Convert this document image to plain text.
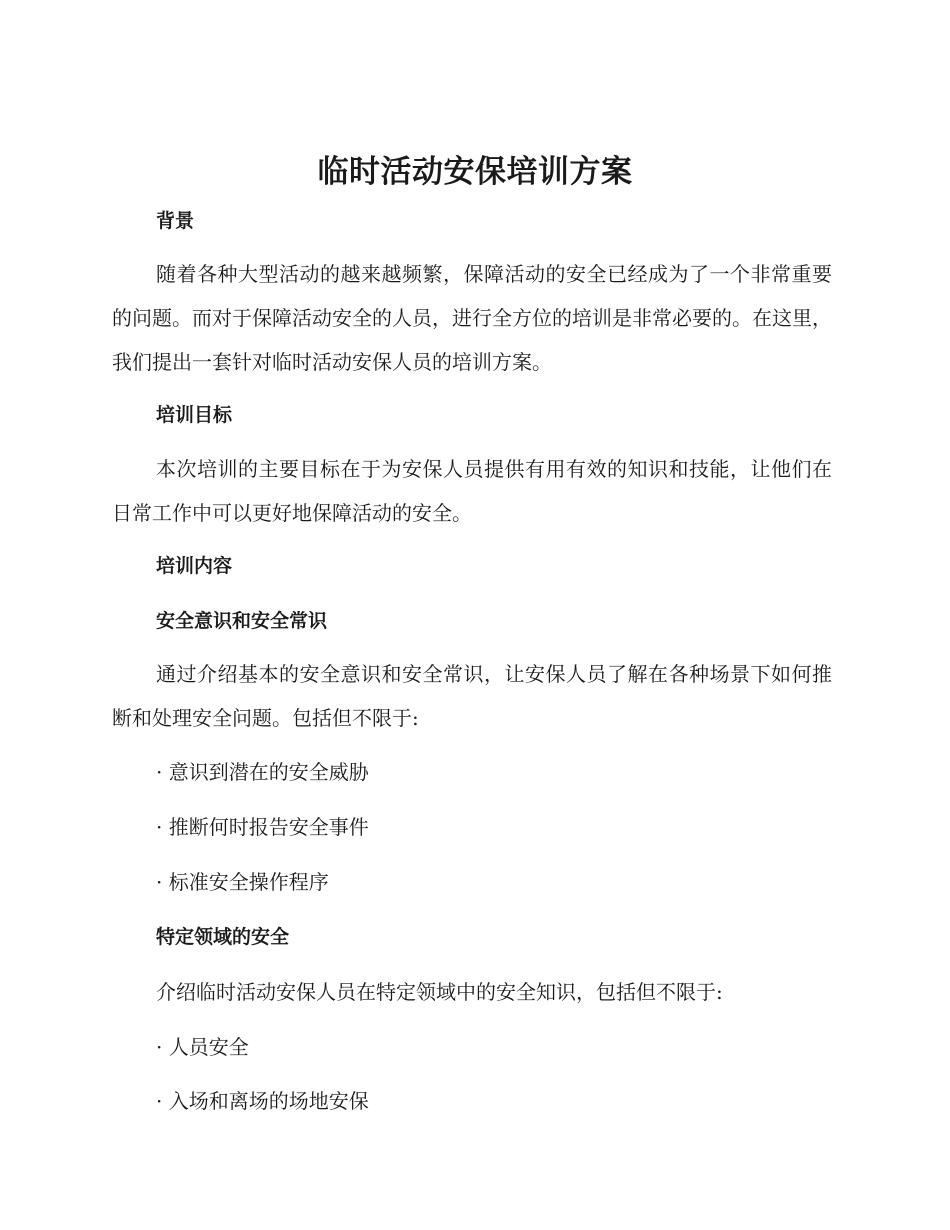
临时活动安保培训方案
背景

随着各种大型活动的越来越频繁，保障活动的安全已经成为了一个非常重要的问题。而对于保障活动安全的人员，进行全方位的培训是非常必要的。在这里，我们提出一套针对临时活动安保人员的培训方案。

培训目标

本次培训的主要目标在于为安保人员提供有用有效的知识和技能，让他们在日常工作中可以更好地保障活动的安全。

培训内容
安全意识和安全常识

通过介绍基本的安全意识和安全常识，让安保人员了解在各种场景下如何推断和处理安全问题。包括但不限于:

· 意识到潜在的安全威胁

· 推断何时报告安全事件

· 标准安全操作程序

特定领域的安全

介绍临时活动安保人员在特定领域中的安全知识，包括但不限于:

· 人员安全

· 入场和离场的场地安保
